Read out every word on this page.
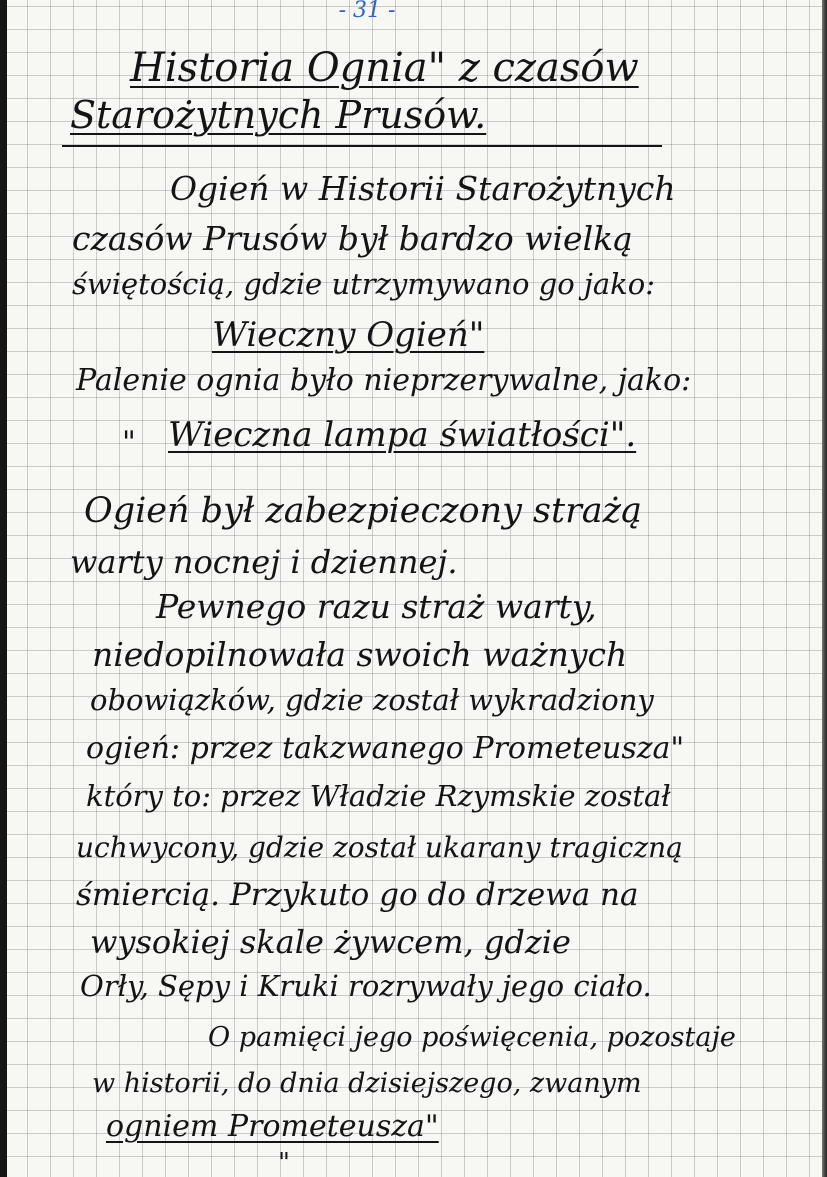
- 31 -
Historia Ognia" z czasów
Starożytnych Prusów.
Ogień w Historii Starożytnych
czasów Prusów był bardzo wielką
świętością, gdzie utrzymywano go jako:
Wieczny Ogień"
Palenie ognia było nieprzerywalne, jako:
" Wieczna lampa światłości".
Ogień był zabezpieczony strażą
warty nocnej i dziennej.
Pewnego razu straż warty,
niedopilnowała swoich ważnych
obowiązków, gdzie został wykradziony
ogień: przez takzwanego Prometeusza"
który to: przez Władzie Rzymskie został
uchwycony, gdzie został ukarany tragiczną
śmiercią. Przykuto go do drzewa na
wysokiej skale żywcem, gdzie
Orły, Sępy i Kruki rozrywały jego ciało.
O pamięci jego poświęcenia, pozostaje
w historii, do dnia dzisiejszego, zwanym
ogniem Prometeusza"
"
